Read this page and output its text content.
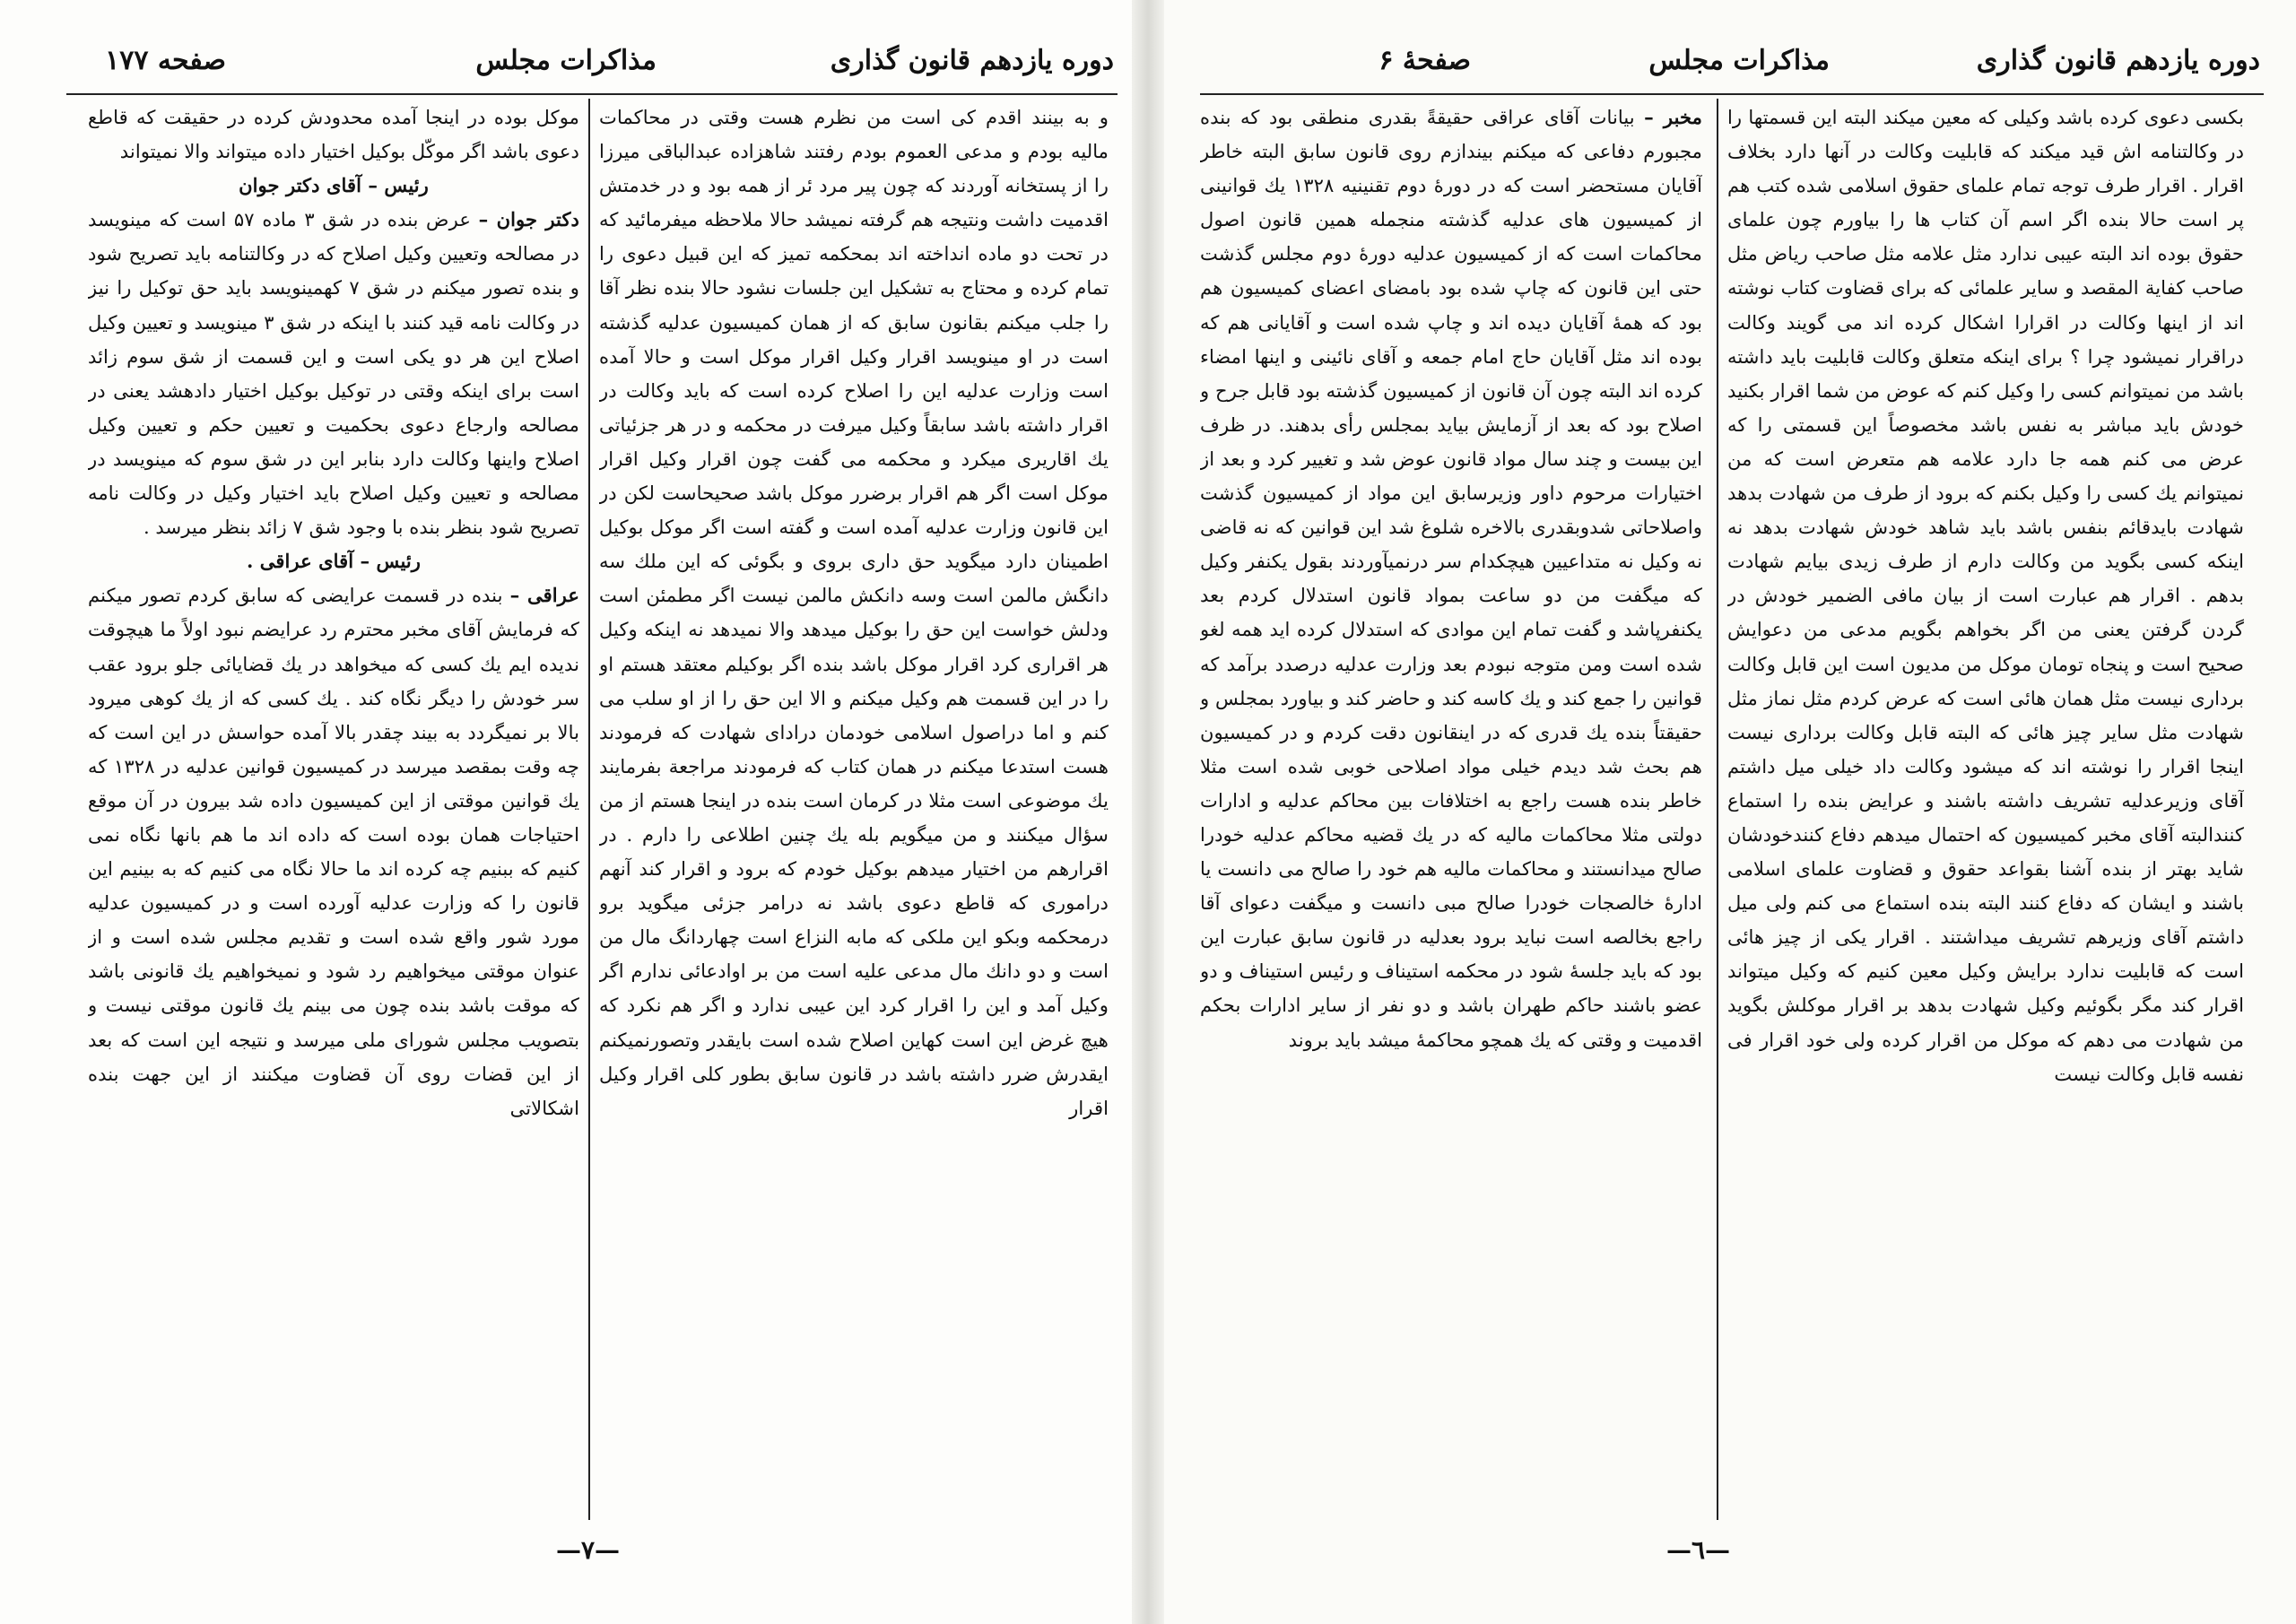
دوره یازدهم قانون گذاری
مذاکرات مجلس
صفحه ۱۷۷

و به بینند اقدم کی است من نظرم هست وقتی در محاکمات مالیه بودم و مدعی العموم بودم رفتند شاهزاده عبدالباقی میرزا را از پستخانه آوردند که چون پیر مرد ئر از همه بود و در خدمتش اقدمیت داشت ونتیجه هم گرفته نمیشد حالا ملاحظه میفرمائید که در تحت دو ماده انداخته اند بمحکمه تمیز که این قبیل دعوی را تمام کرده و محتاج به تشکیل این جلسات نشود حالا بنده نظر آقا را جلب میکنم بقانون سابق که از همان کمیسیون عدلیه گذشته است در او مینویسد اقرار وکیل اقرار موکل است و حالا آمده است وزارت عدلیه این را اصلاح کرده است که باید وکالت در اقرار داشته باشد سابقاً وکیل میرفت در محکمه و در هر جزئیاتی یك اقاریری میکرد و محکمه می گفت چون اقرار وکیل اقرار موکل است اگر هم اقرار برضرر موکل باشد صحیحاست لکن در این قانون وزارت عدلیه آمده است و گفته است اگر موکل بوکیل اطمینان دارد میگوید حق داری بروی و بگوئی که این ملك سه دانگش مالمن است وسه دانکش مالمن نیست اگر مطمئن است ودلش خواست این حق را بوکیل میدهد والا نمیدهد نه اینکه وکیل هر اقراری کرد اقرار موکل باشد بنده اگر بوکیلم معتقد هستم او را در این قسمت هم وکیل میکنم و الا این حق را از او سلب می کنم و اما دراصول اسلامی خودمان درادای شهادت که فرمودند هست استدعا میکنم در همان کتاب که فرمودند مراجعة بفرمایند یك موضوعی است مثلا در کرمان است بنده در اینجا هستم از من سؤال میکنند و من میگویم بله یك چنین اطلاعی را دارم . در اقرارهم من اختیار میدهم بوکیل خودم که برود و اقرار کند آنهم درامورى که قاطع دعوی باشد نه درامر جزئی میگوید برو درمحکمه وبکو این ملکی که مابه النزاع است چهاردانگ مال من است و دو دانك مال مدعی علیه است من بر اوادعائی ندارم اگر وکیل آمد و این را اقرار کرد این عیبی ندارد و اگر هم نکرد که هیچ غرض این است کهاین اصلاح شده است بایقدر وتصورنمیکنم ایقدرش ضرر داشته باشد در قانون سابق بطور کلی اقرار وکیل اقرار

موکل بوده در اینجا آمده محدودش کرده در حقیقت که قاطع دعوی باشد اگر موکّل بوکیل اختیار داده میتواند والا نمیتواند

رئیس – آقای دکتر جوان

دکتر جوان – عرض بنده در شق ۳ ماده ۵۷ است که مینویسد در مصالحه وتعیین وکیل اصلاح که در وکالتنامه باید تصریح شود و بنده تصور میکنم در شق ۷ کهمینویسد باید حق توکیل را نیز در وکالت نامه قید کنند با اینکه در شق ۳ مینویسد و تعیین وکیل اصلاح این هر دو یکی است و این قسمت از شق سوم زائد است برای اینکه وقتی در توکیل بوکیل اختیار دادهشد یعنی در مصالحه وارجاع دعوی بحکمیت و تعیین حکم و تعیین وکیل اصلاح واینها وکالت دارد بنابر این در شق سوم که مینویسد در مصالحه و تعیین وکیل اصلاح باید اختیار وکیل در وکالت نامه تصریح شود بنظر بنده با وجود شق ۷ زائد بنظر میرسد .

رئیس – آقای عراقی .

عراقی – بنده در قسمت عرایضی که سابق کردم تصور میکنم که فرمایش آقای مخبر محترم رد عرایضم نبود اولاً ما هیچوقت ندیده ایم یك کسی که میخواهد در یك قضایائی جلو برود عقب سر خودش را دیگر نگاه کند . یك کسی که از یك کوهی میرود بالا بر نمیگردد به بیند چقدر بالا آمده حواسش در این است که چه وقت بمقصد میرسد در کمیسیون قوانین عدلیه در ۱۳۲۸ که یك قوانین موقتی از این کمیسیون داده شد بیرون در آن موقع احتیاجات همان بوده است که داده اند ما هم بانها نگاه نمی کنیم که ببنیم چه کرده اند ما حالا نگاه می کنیم که به بینیم این قانون را که وزارت عدلیه آورده است و در کمیسیون عدلیه مورد شور واقع شده است و تقدیم مجلس شده است و از عنوان موقتی میخواهیم رد شود و نمیخواهیم یك قانونی باشد که موقت باشد بنده چون می بینم یك قانون موقتی نیست و بتصویب مجلس شورای ملی میرسد و نتیجه این است که بعد از این قضات روی آن قضاوت میکنند از این جهت بنده اشکالاتی

—٧—
دوره یازدهم قانون گذاری
مذاکرات مجلس
صفحهٔ ۶

بکسی دعوی کرده باشد وکیلی که معین میکند البته این قسمتها را در وکالتنامه اش قید میکند که قابلیت وکالت در آنها دارد بخلاف اقرار . اقرار طرف توجه تمام علمای حقوق اسلامی شده کتب هم پر است حالا بنده اگر اسم آن کتاب ها را بیاورم چون علمای حقوق بوده اند البته عیبی ندارد مثل علامه مثل صاحب ریاض مثل صاحب کفایة المقصد و سایر علمائی که برای قضاوت کتاب نوشته اند از اینها وکالت در اقرارا اشکال کرده اند می گویند وکالت دراقرار نمیشود چرا ؟ برای اینکه متعلق وکالت قابلیت باید داشته باشد من نمیتوانم کسی را وکیل کنم که عوض من شما اقرار بکنید خودش باید مباشر به نفس باشد مخصوصاً این قسمتی را که عرض می کنم همه جا دارد علامه هم متعرض است که من نمیتوانم یك کسی را وکیل بکنم که برود از طرف من شهادت بدهد شهادت بایدقائم بنفس باشد باید شاهد خودش شهادت بدهد نه اینکه کسی بگوید من وکالت دارم از طرف زیدی بیایم شهادت بدهم . اقرار هم عبارت است از بیان مافی الضمیر خودش در گردن گرفتن یعنی من اگر بخواهم بگویم مدعی من دعوایش صحیح است و پنجاه تومان موکل من مدیون است این قابل وکالت برداری نیست مثل همان هائی است که عرض کردم مثل نماز مثل شهادت مثل سایر چیز هائی که البته قابل وکالت برداری نیست اینجا اقرار را نوشته اند که میشود وکالت داد خیلی میل داشتم آقای وزیرعدلیه تشریف داشته باشند و عرایض بنده را استماع کنندالبته آقای مخبر کمیسیون که احتمال میدهم دفاع کنندخودشان شاید بهتر از بنده آشنا بقواعد حقوق و قضاوت علمای اسلامی باشند و ایشان که دفاع کنند البته بنده استماع می کنم ولی میل داشتم آقای وزیرهم تشریف میداشتند . اقرار یکی از چیز هائی است که قابلیت ندارد برایش وکیل معین کنیم که وکیل میتواند اقرار کند مگر بگوئیم وکیل شهادت بدهد بر اقرار موکلش بگوید من شهادت می دهم که موکل من اقرار کرده ولی خود اقرار فی نفسه قابل وکالت نیست

مخبر – بیانات آقای عراقی حقیقةً بقدری منطقی بود که بنده مجبورم دفاعی که میکنم بیندازم روی قانون سابق البته خاطر آقایان مستحضر است که در دورهٔ دوم تقنینیه ۱۳۲۸ یك قوانینی از کمیسیون های عدلیه گذشته منجمله همین قانون اصول محاکمات است که از کمیسیون عدلیه دورهٔ دوم مجلس گذشت حتی این قانون که چاپ شده بود بامضای اعضای کمیسیون هم بود که همهٔ آقایان دیده اند و چاپ شده است و آقایانی هم که بوده اند مثل آقایان حاج امام جمعه و آقای نائینی و اینها امضاء کرده اند البته چون آن قانون از کمیسیون گذشته بود قابل جرح و اصلاح بود که بعد از آزمایش بیاید بمجلس رأی بدهند. در ظرف این بیست و چند سال مواد قانون عوض شد و تغییر کرد و بعد از اختیارات مرحوم داور وزیرسابق این مواد از کمیسیون گذشت واصلاحاتی شدوبقدری بالاخره شلوغ شد این قوانین که نه قاضی نه وکیل نه متداعیین هیچکدام سر درنمیآوردند بقول یکنفر وکیل که میگفت من دو ساعت بمواد قانون استدلال کردم بعد یکنفرپاشد و گفت تمام این موادی که استدلال کرده اید همه لغو شده است ومن متوجه نبودم بعد وزارت عدلیه درصدد برآمد که قوانین را جمع کند و یك کاسه کند و حاضر کند و بیاورد بمجلس و حقیقتاً بنده یك قدری که در اینقانون دقت کردم و در کمیسیون هم بحث شد دیدم خیلی مواد اصلاحی خوبی شده است مثلا خاطر بنده هست راجع به اختلافات بین محاکم عدلیه و ادارات دولتی مثلا محاکمات مالیه که در یك قضیه محاکم عدلیه خودرا صالح میدانستند و محاکمات مالیه هم خود را صالح می دانست یا ادارهٔ خالصجات خودرا صالح مبی دانست و میگفت دعوای آقا راجع بخالصه است نباید برود بعدلیه در قانون سابق عبارت این بود که باید جلسهٔ شود در محکمه استیناف و رئیس استیناف و دو عضو باشند حاکم طهران باشد و دو نفر از سایر ادارات بحکم اقدمیت و وقتی که یك همچو محاکمهٔ میشد باید بروند

—٦—
